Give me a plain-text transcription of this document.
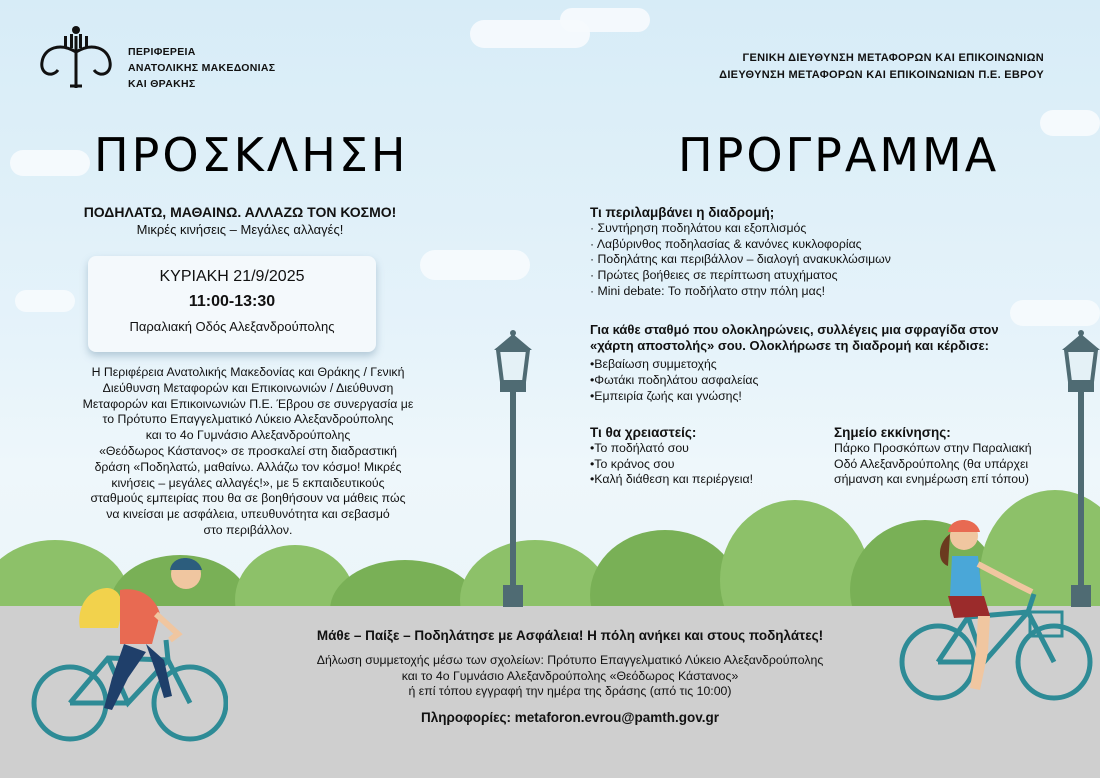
ΠΕΡΙΦΕΡΕΙΑ
ΑΝΑΤΟΛΙΚΗΣ ΜΑΚΕΔΟΝΙΑΣ
ΚΑΙ ΘΡΑΚΗΣ
ΓΕΝΙΚΗ ΔΙΕΥΘΥΝΣΗ ΜΕΤΑΦΟΡΩΝ ΚΑΙ ΕΠΙΚΟΙΝΩΝΙΩΝ
ΔΙΕΥΘΥΝΣΗ ΜΕΤΑΦΟΡΩΝ ΚΑΙ ΕΠΙΚΟΙΝΩΝΙΩΝ Π.Ε. ΕΒΡΟΥ
ΠΡΟΣΚΛΗΣΗ
ΠΟΔΗΛΑΤΩ, ΜΑΘΑΙΝΩ. ΑΛΛΑΖΩ ΤΟΝ ΚΟΣΜΟ!
Μικρές κινήσεις – Μεγάλες αλλαγές!
ΚΥΡΙΑΚΗ 21/9/2025
11:00-13:30
Παραλιακή Οδός Αλεξανδρούπολης
Η Περιφέρεια Ανατολικής Μακεδονίας και Θράκης / Γενική
Διεύθυνση Μεταφορών και Επικοινωνιών / Διεύθυνση
Μεταφορών και Επικοινωνιών Π.Ε. Έβρου σε συνεργασία με
το Πρότυπο Επαγγελματικό Λύκειο Αλεξανδρούπολης
και το 4ο Γυμνάσιο Αλεξανδρούπολης
«Θεόδωρος Κάστανος» σε προσκαλεί στη διαδραστική
δράση «Ποδηλατώ, μαθαίνω. Αλλάζω τον κόσμο! Μικρές
κινήσεις – μεγάλες αλλαγές!», με 5 εκπαιδευτικούς
σταθμούς εμπειρίας που θα σε βοηθήσουν να μάθεις πώς
να κινείσαι με ασφάλεια, υπευθυνότητα και σεβασμό
στο περιβάλλον.
ΠΡΟΓΡΑΜΜΑ
Τι περιλαμβάνει η διαδρομή;
· Συντήρηση ποδηλάτου και εξοπλισμός
· Λαβύρινθος ποδηλασίας & κανόνες κυκλοφορίας
· Ποδηλάτης και περιβάλλον – διαλογή ανακυκλώσιμων
· Πρώτες βοήθειες σε περίπτωση ατυχήματος
· Mini debate: Το ποδήλατο στην πόλη μας!
Για κάθε σταθμό που ολοκληρώνεις, συλλέγεις μια σφραγίδα στον
«χάρτη αποστολής» σου. Ολοκλήρωσε τη διαδρομή και κέρδισε:
•Βεβαίωση συμμετοχής
•Φωτάκι ποδηλάτου ασφαλείας
•Εμπειρία ζωής και γνώσης!
Τι θα χρειαστείς:
•Το ποδήλατό σου
•Το κράνος σου
•Καλή διάθεση και περιέργεια!
Σημείο εκκίνησης:
Πάρκο Προσκόπων στην Παραλιακή
Οδό Αλεξανδρούπολης (θα υπάρχει
σήμανση και ενημέρωση επί τόπου)
Μάθε – Παίξε – Ποδηλάτησε με Ασφάλεια! Η πόλη ανήκει και στους ποδηλάτες!
Δήλωση συμμετοχής μέσω των σχολείων: Πρότυπο Επαγγελματικό Λύκειο Αλεξανδρούπολης
και το 4ο Γυμνάσιο Αλεξανδρούπολης «Θεόδωρος Κάστανος»
ή επί τόπου εγγραφή την ημέρα της δράσης (από τις 10:00)
Πληροφορίες: metaforon.evrou@pamth.gov.gr
